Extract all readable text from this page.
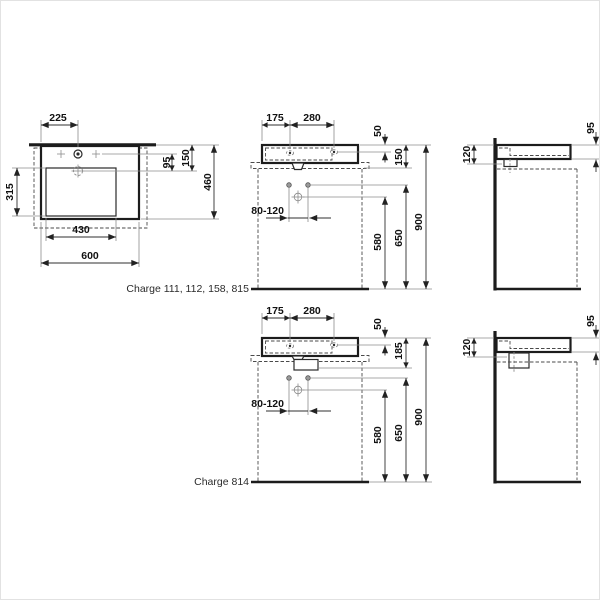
225
315
430
600
95 150
460
80-120
175 280
50
150
650
580
900
120
95
Charge 111, 112, 158, 815
80-120
175 280
50
185
650
580
900
120
95
Charge 814
